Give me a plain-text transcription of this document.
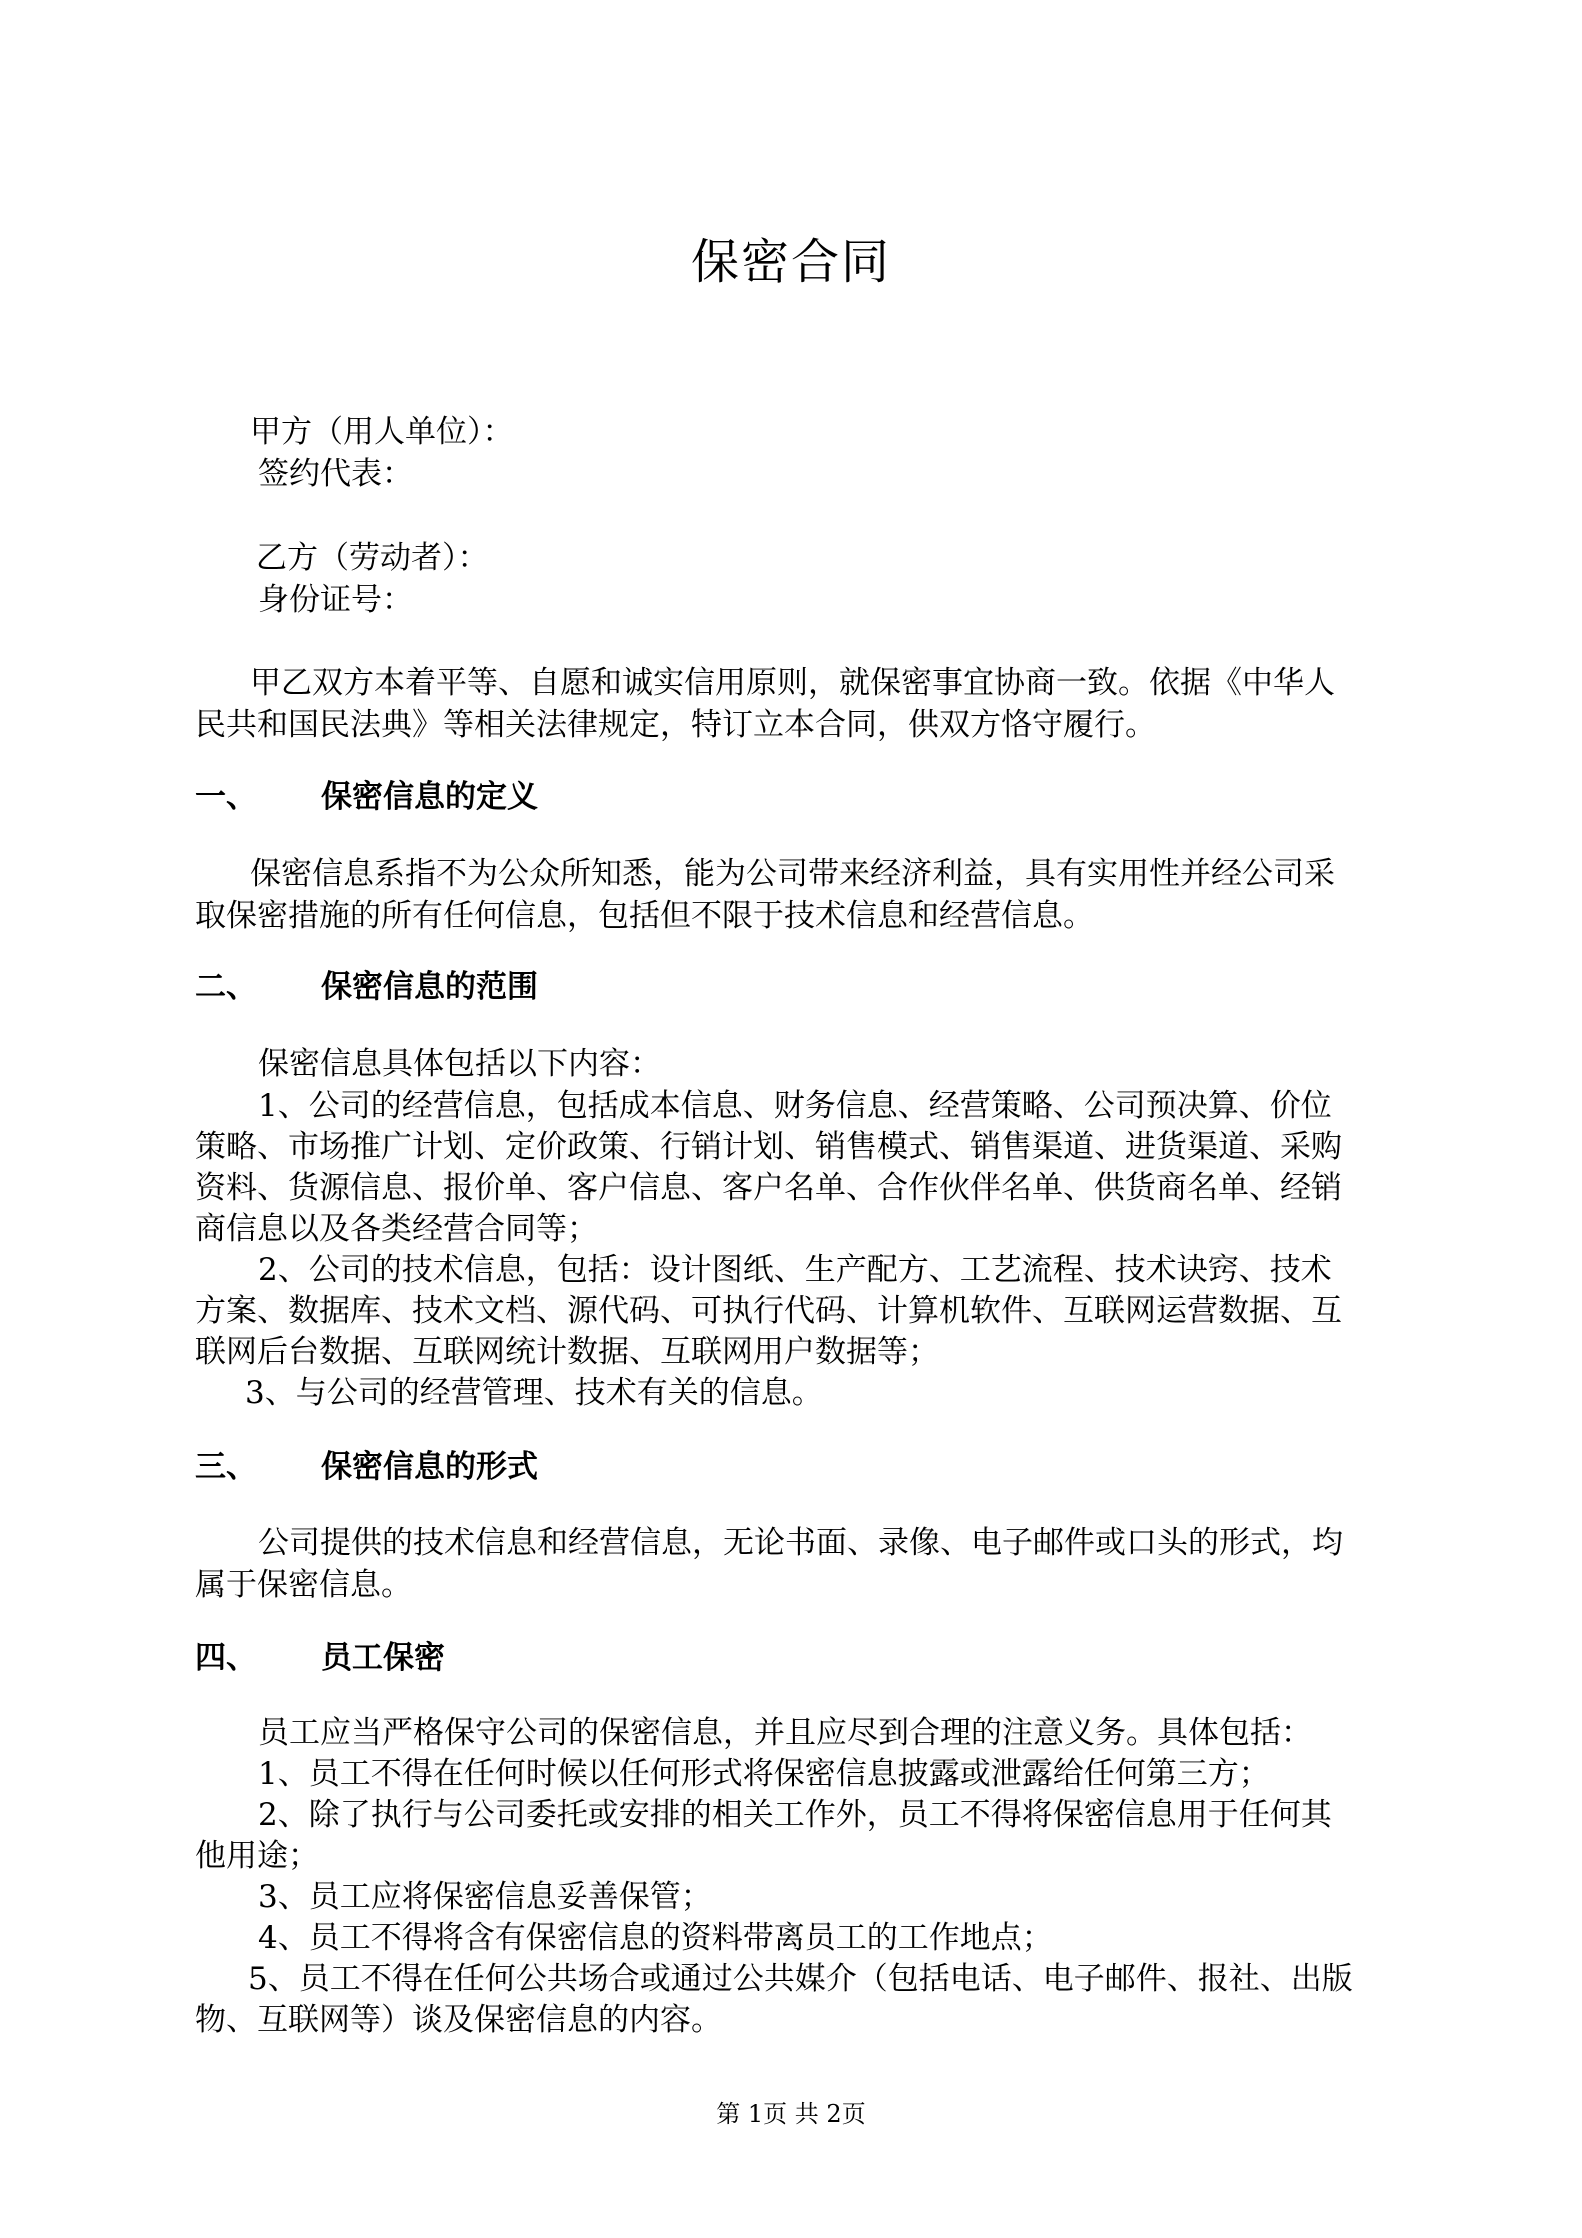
保密合同
甲方（用人单位）：
签约代表：
乙方（劳动者）：
身份证号：
甲乙双方本着平等、自愿和诚实信用原则，就保密事宜协商一致。依据《中华人
民共和国民法典》等相关法律规定，特订立本合同，供双方恪守履行。
一、 保密信息的定义
保密信息系指不为公众所知悉，能为公司带来经济利益，具有实用性并经公司采
取保密措施的所有任何信息，包括但不限于技术信息和经营信息。
二、 保密信息的范围
保密信息具体包括以下内容：
1、公司的经营信息，包括成本信息、财务信息、经营策略、公司预决算、价位
策略、市场推广计划、定价政策、行销计划、销售模式、销售渠道、进货渠道、采购
资料、货源信息、报价单、客户信息、客户名单、合作伙伴名单、供货商名单、经销
商信息以及各类经营合同等；
2、公司的技术信息，包括：设计图纸、生产配方、工艺流程、技术诀窍、技术
方案、数据库、技术文档、源代码、可执行代码、计算机软件、互联网运营数据、互
联网后台数据、互联网统计数据、互联网用户数据等；
3、与公司的经营管理、技术有关的信息。
三、 保密信息的形式
公司提供的技术信息和经营信息，无论书面、录像、电子邮件或口头的形式，均
属于保密信息。
四、 员工保密
员工应当严格保守公司的保密信息，并且应尽到合理的注意义务。具体包括：
1、员工不得在任何时候以任何形式将保密信息披露或泄露给任何第三方；
2、除了执行与公司委托或安排的相关工作外，员工不得将保密信息用于任何其
他用途；
3、员工应将保密信息妥善保管；
4、员工不得将含有保密信息的资料带离员工的工作地点；
5、员工不得在任何公共场合或通过公共媒介（包括电话、电子邮件、报社、出版
物、互联网等）谈及保密信息的内容。
第 1页 共 2页
